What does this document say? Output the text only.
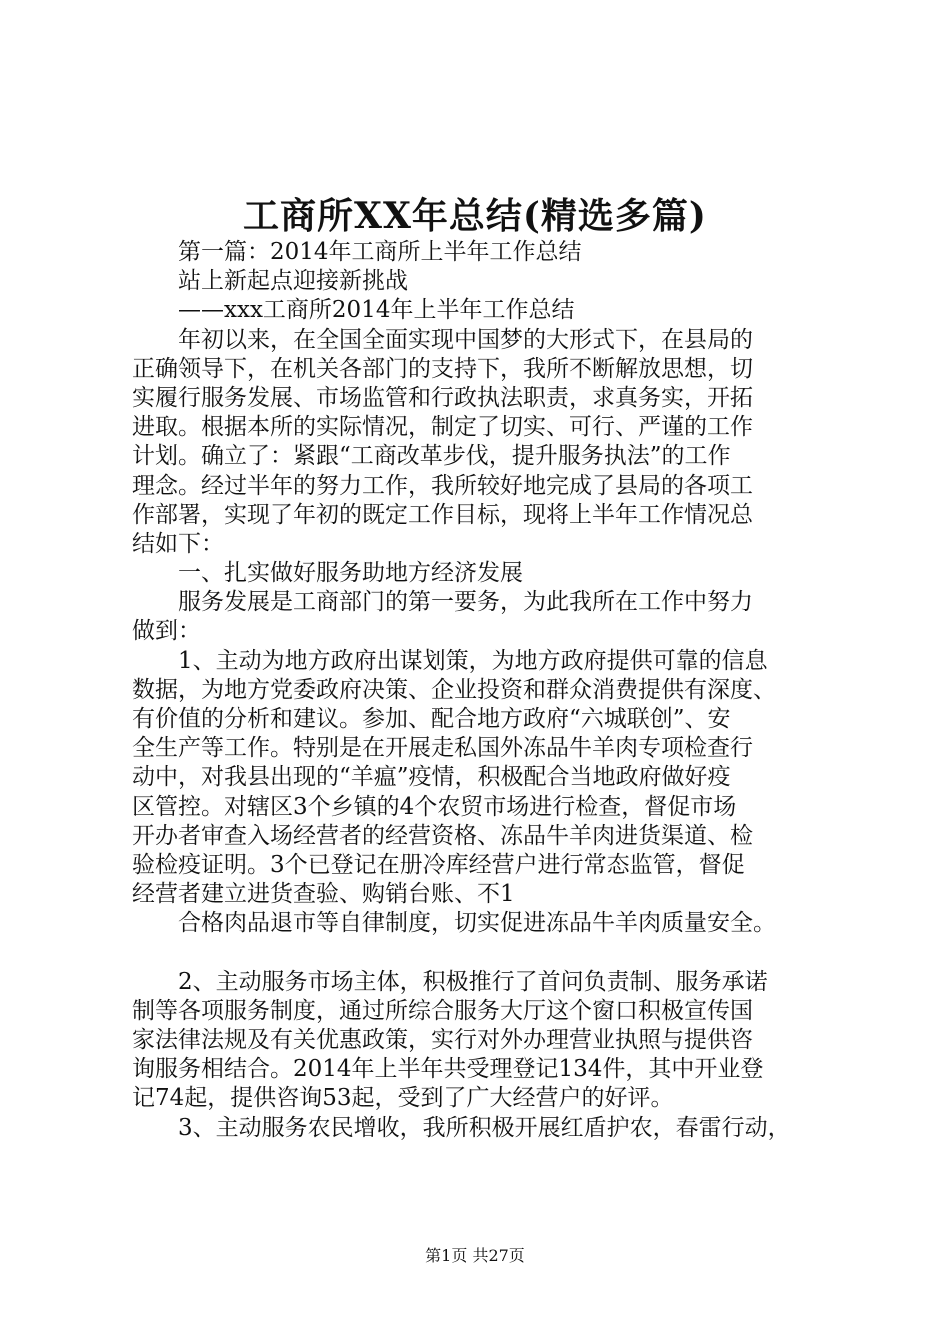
工商所XX年总结(精选多篇)
第一篇：2014年工商所上半年工作总结
站上新起点迎接新挑战
——xxx工商所2014年上半年工作总结
年初以来，在全国全面实现中国梦的大形式下，在县局的
正确领导下，在机关各部门的支持下，我所不断解放思想，切
实履行服务发展、市场监管和行政执法职责，求真务实，开拓
进取。根据本所的实际情况，制定了切实、可行、严谨的工作
计划。确立了：紧跟“工商改革步伐，提升服务执法”的工作
理念。经过半年的努力工作，我所较好地完成了县局的各项工
作部署，实现了年初的既定工作目标，现将上半年工作情况总
结如下：
一、扎实做好服务助地方经济发展
服务发展是工商部门的第一要务，为此我所在工作中努力
做到：
1、主动为地方政府出谋划策，为地方政府提供可靠的信息
数据，为地方党委政府决策、企业投资和群众消费提供有深度、
有价值的分析和建议。参加、配合地方政府“六城联创”、安
全生产等工作。特别是在开展走私国外冻品牛羊肉专项检查行
动中，对我县出现的“羊瘟”疫情，积极配合当地政府做好疫
区管控。对辖区3个乡镇的4个农贸市场进行检查，督促市场
开办者审查入场经营者的经营资格、冻品牛羊肉进货渠道、检
验检疫证明。3个已登记在册冷库经营户进行常态监管，督促
经营者建立进货查验、购销台账、不1
合格肉品退市等自律制度，切实促进冻品牛羊肉质量安全。
2、主动服务市场主体，积极推行了首问负责制、服务承诺
制等各项服务制度，通过所综合服务大厅这个窗口积极宣传国
家法律法规及有关优惠政策，实行对外办理营业执照与提供咨
询服务相结合。2014年上半年共受理登记134件，其中开业登
记74起，提供咨询53起，受到了广大经营户的好评。
3、主动服务农民增收，我所积极开展红盾护农，春雷行动，
第1页 共27页
